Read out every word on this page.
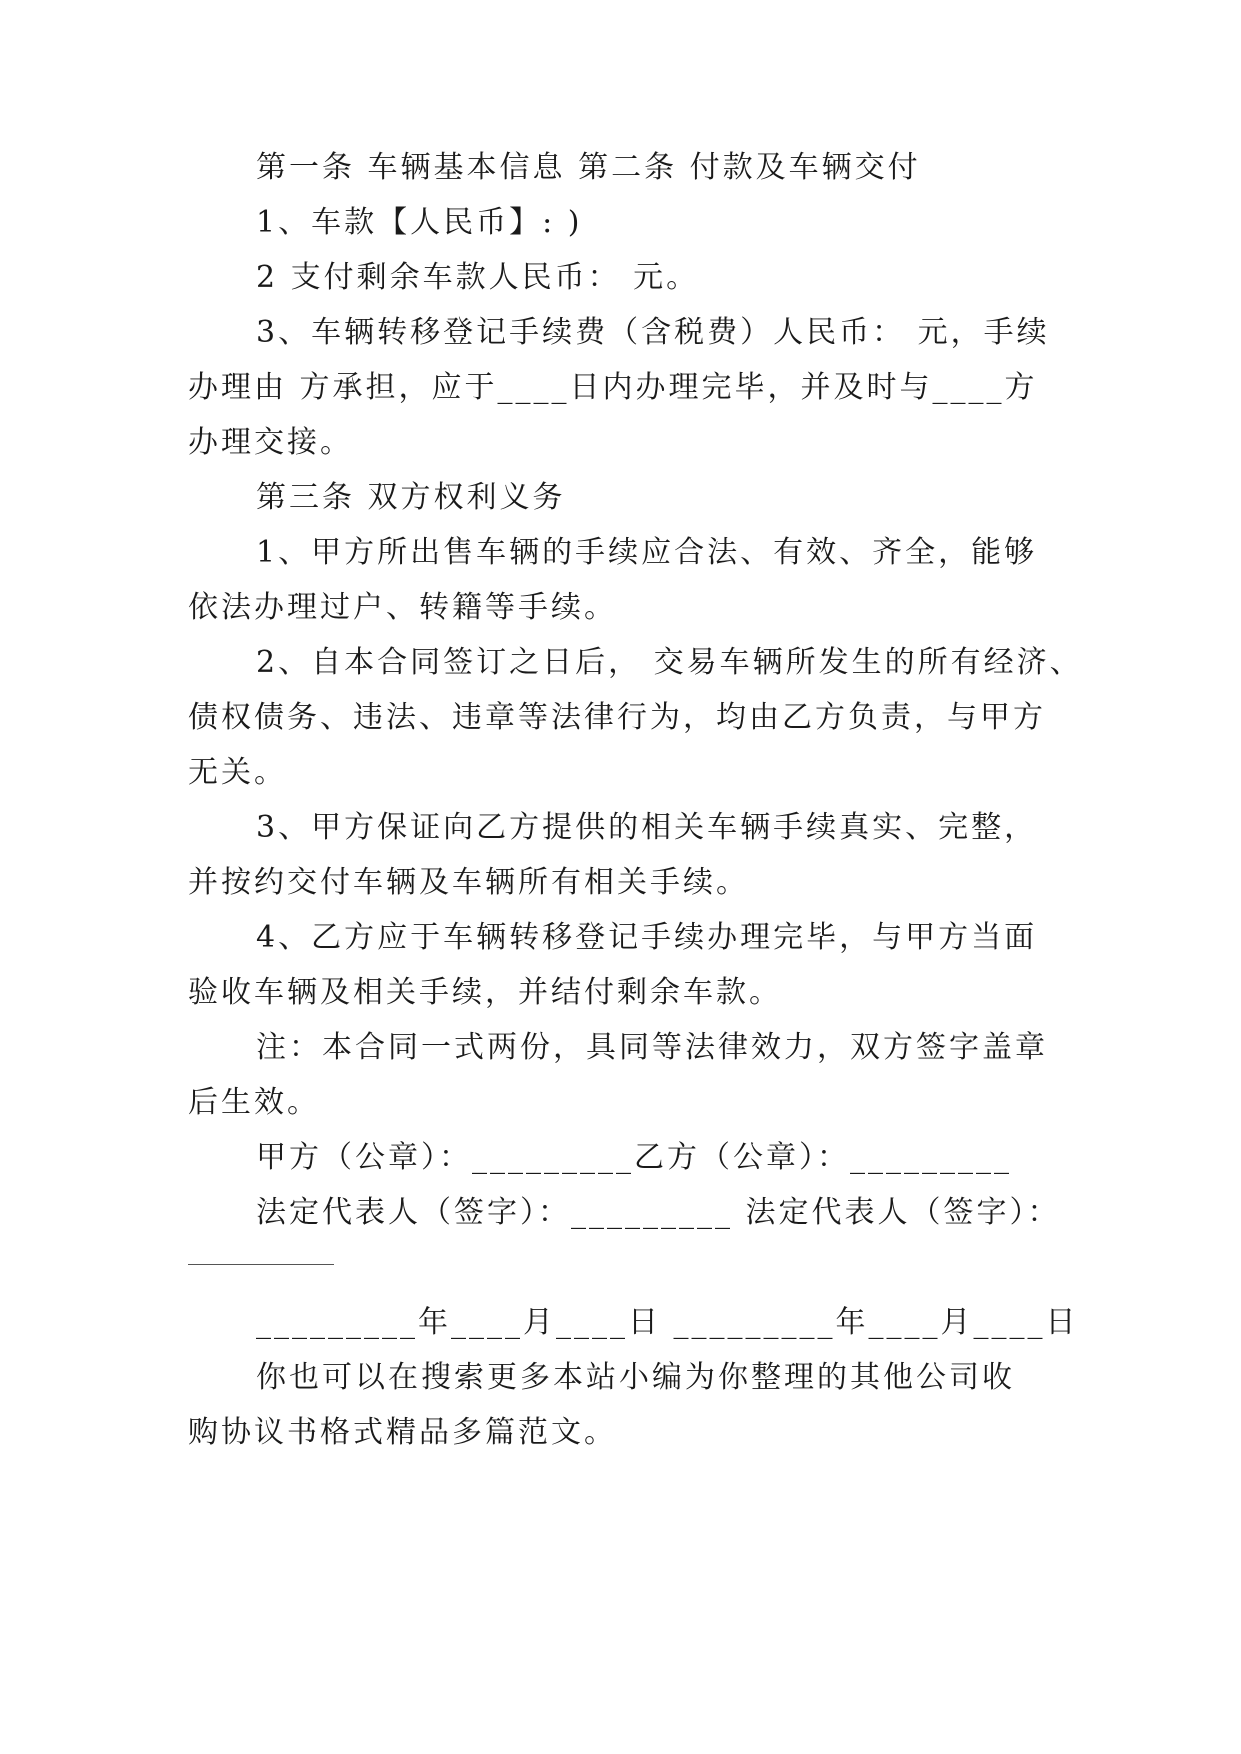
第一条 车辆基本信息 第二条 付款及车辆交付
1、车款【人民币】: )
2 支付剩余车款人民币： 元。
3、车辆转移登记手续费（含税费）人民币： 元，手续
办理由 方承担，应于____日内办理完毕，并及时与____方
办理交接。
第三条 双方权利义务
1、甲方所出售车辆的手续应合法、有效、齐全，能够
依法办理过户、转籍等手续。
2、自本合同签订之日后， 交易车辆所发生的所有经济、
债权债务、违法、违章等法律行为，均由乙方负责，与甲方
无关。
3、甲方保证向乙方提供的相关车辆手续真实、完整，
并按约交付车辆及车辆所有相关手续。
4、乙方应于车辆转移登记手续办理完毕，与甲方当面
验收车辆及相关手续，并结付剩余车款。
注：本合同一式两份，具同等法律效力，双方签字盖章
后生效。
甲方（公章）：_________乙方（公章）：_________
法定代表人（签字）：_________ 法定代表人（签字）：
_________年____月____日 _________年____月____日
你也可以在搜索更多本站小编为你整理的其他公司收
购协议书格式精品多篇范文。
